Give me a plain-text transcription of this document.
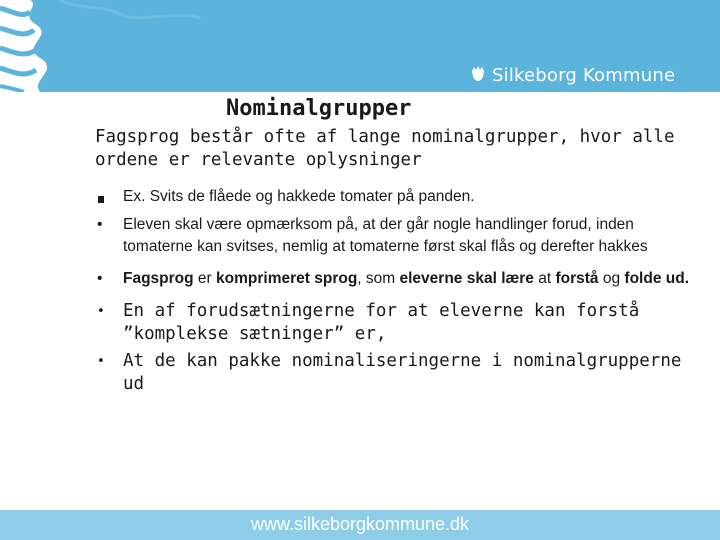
Silkeborg Kommune
Nominalgrupper

Fagsprog består ofte af lange nominalgrupper, hvor alle ordene er relevante oplysninger

Ex. Svits de flåede og hakkede tomater på panden.
• Eleven skal være opmærksom på, at der går nogle handlinger forud, inden tomaterne kan svitses, nemlig at tomaterne først skal flås og derefter hakkes
• Fagsprog er komprimeret sprog, som eleverne skal lære at forstå og folde ud.
• En af forudsætningerne for at eleverne kan forstå ”komplekse sætninger” er,
• At de kan pakke nominaliseringerne i nominalgrupperne ud
www.silkeborgkommune.dk
